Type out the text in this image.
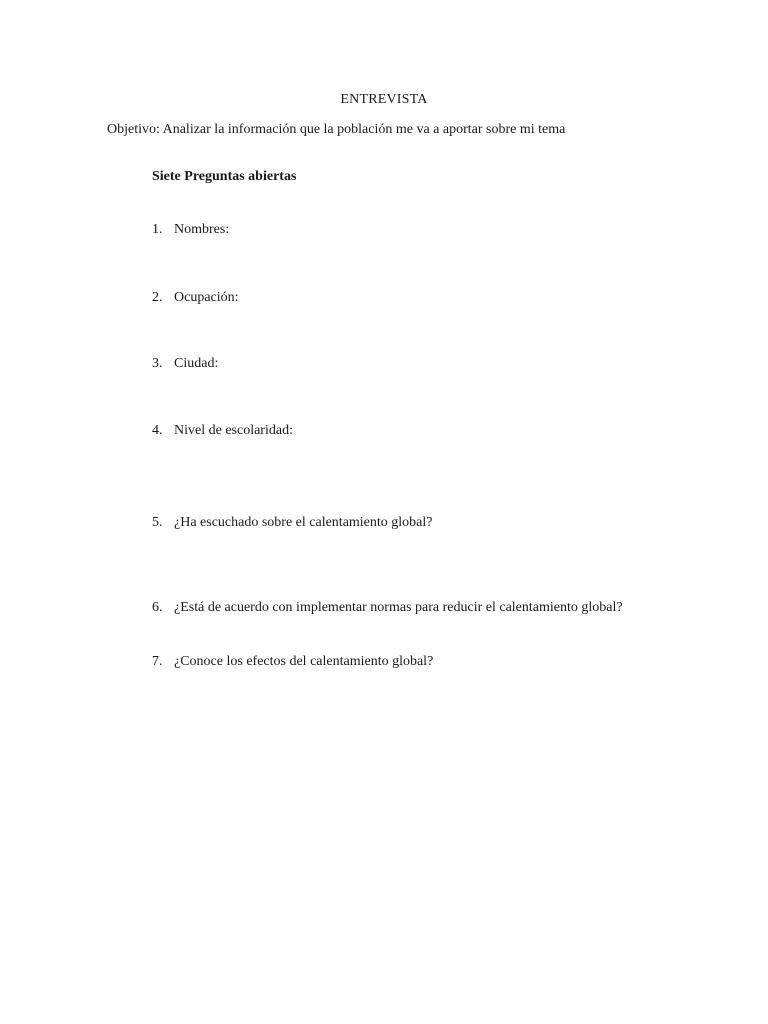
ENTREVISTA
Objetivo: Analizar la información que la población me va a aportar sobre mi tema
Siete Preguntas abiertas
1. Nombres:
2. Ocupación:
3. Ciudad:
4. Nivel de escolaridad:
5. ¿Ha escuchado sobre el calentamiento global?
6. ¿Está de acuerdo con implementar normas para reducir el calentamiento global?
7. ¿Conoce los efectos del calentamiento global?
